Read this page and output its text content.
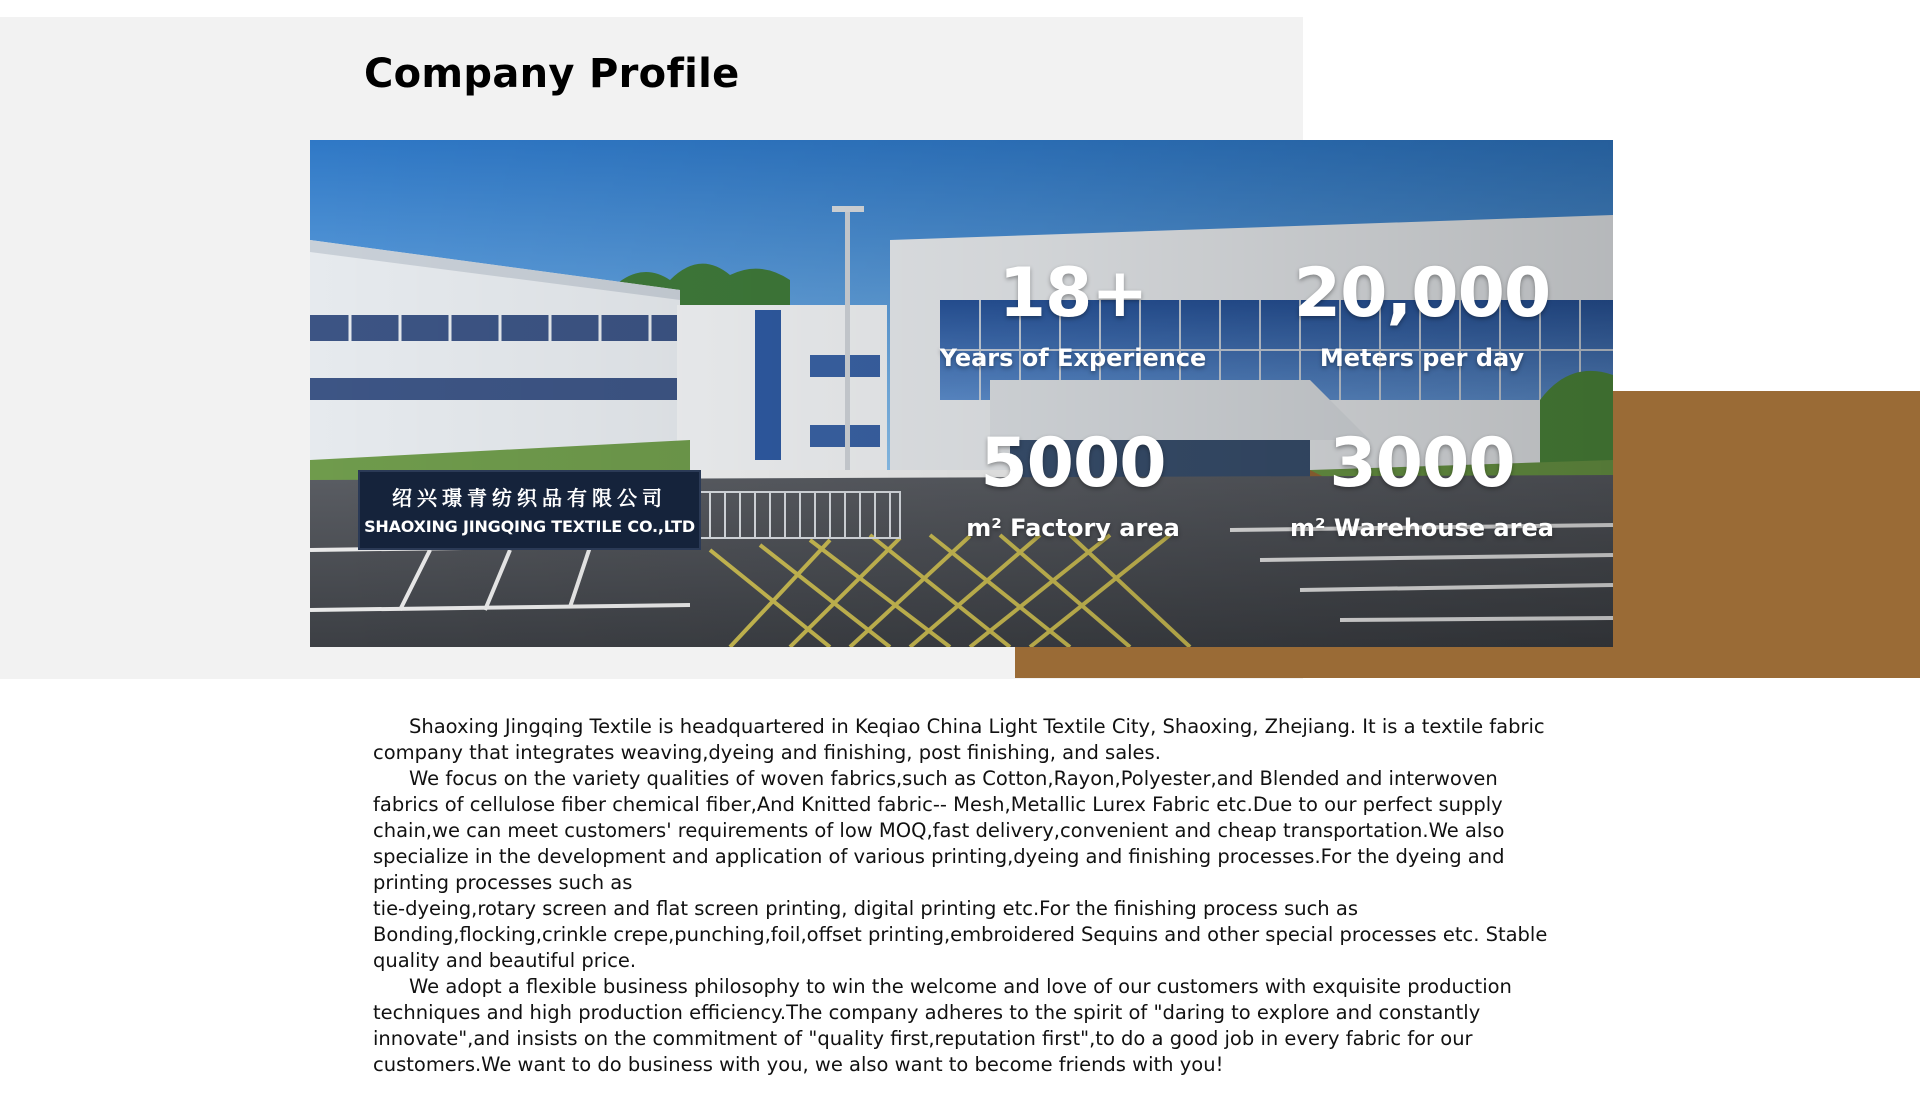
Company Profile
绍兴璟青纺织品有限公司
SHAOXING JINGQING TEXTILE CO.,LTD
18+
Years of Experience
20,000
Meters per day
5000
m² Factory area
3000
m² Warehouse area

Shaoxing Jingqing Textile is headquartered in Keqiao China Light Textile City, Shaoxing, Zhejiang. It is a textile fabric company that integrates weaving,dyeing and finishing, post finishing, and sales.

We focus on the variety qualities of woven fabrics,such as Cotton,Rayon,Polyester,and Blended and interwoven fabrics of cellulose fiber chemical fiber,And Knitted fabric-- Mesh,Metallic Lurex Fabric etc.Due to our perfect supply chain,we can meet customers' requirements of low MOQ,fast delivery,convenient and cheap transportation.We also specialize in the development and application of various printing,dyeing and finishing processes.For the dyeing and printing processes such as

tie-dyeing,rotary screen and flat screen printing, digital printing etc.For the finishing process such as Bonding,flocking,crinkle crepe,punching,foil,offset printing,embroidered Sequins and other special processes etc. Stable quality and beautiful price.

We adopt a flexible business philosophy to win the welcome and love of our customers with exquisite production techniques and high production efficiency.The company adheres to the spirit of "daring to explore and constantly innovate",and insists on the commitment of "quality first,reputation first",to do a good job in every fabric for our customers.We want to do business with you, we also want to become friends with you!
